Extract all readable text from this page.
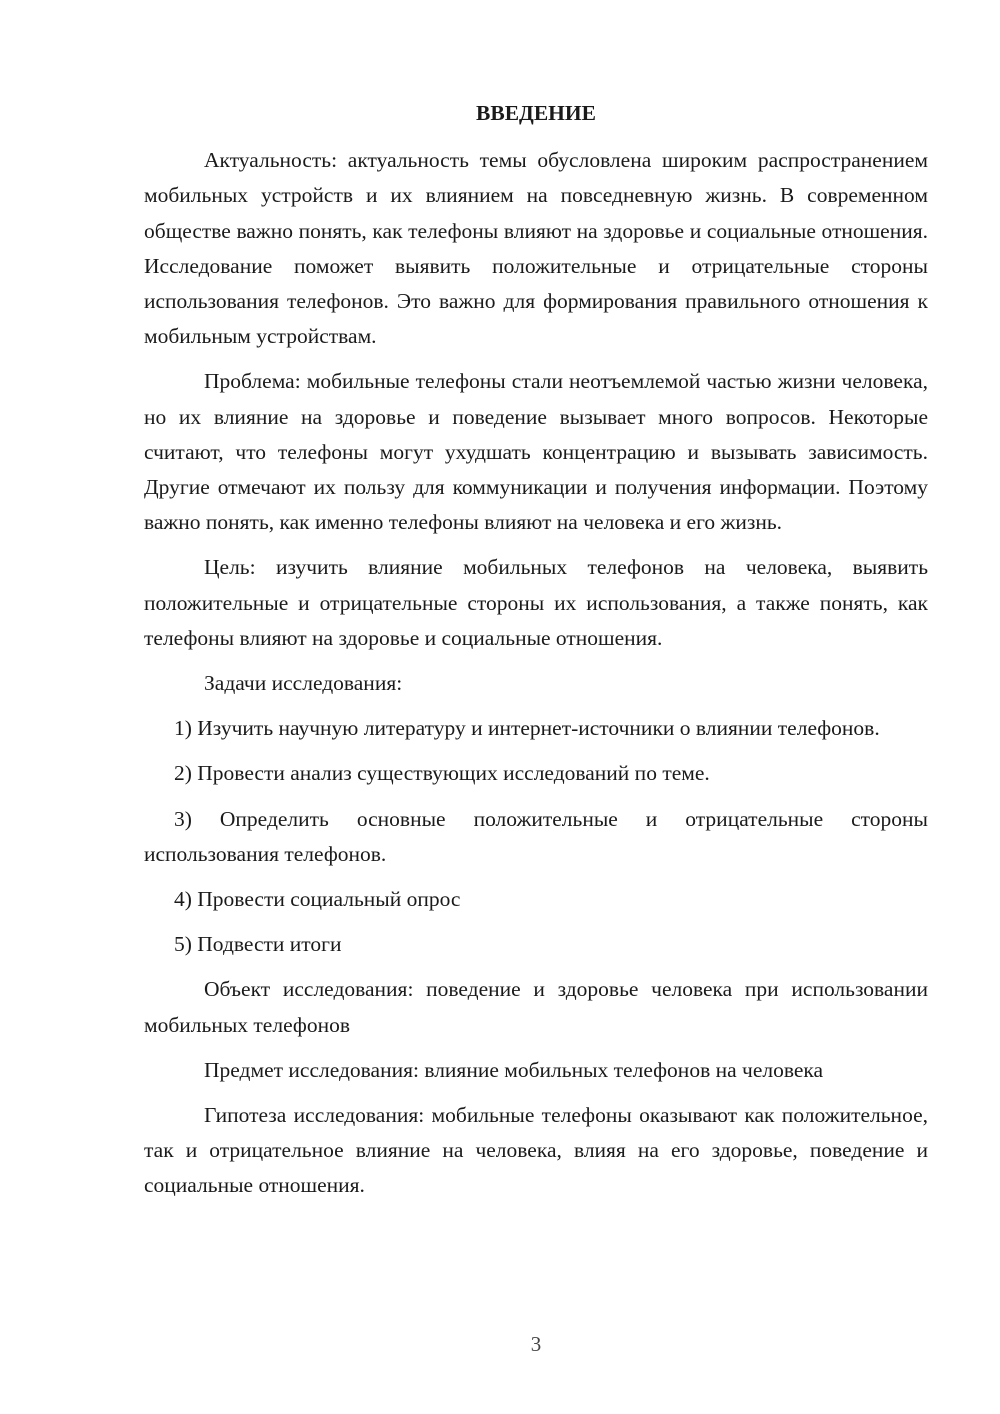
ВВЕДЕНИЕ

Актуальность: актуальность темы обусловлена широким распространением мобильных устройств и их влиянием на повседневную жизнь. В современном обществе важно понять, как телефоны влияют на здоровье и социальные отношения. Исследование поможет выявить положительные и отрицательные стороны использования телефонов. Это важно для формирования правильного отношения к мобильным устройствам.

Проблема: мобильные телефоны стали неотъемлемой частью жизни человека, но их влияние на здоровье и поведение вызывает много вопросов. Некоторые считают, что телефоны могут ухудшать концентрацию и вызывать зависимость. Другие отмечают их пользу для коммуникации и получения информации. Поэтому важно понять, как именно телефоны влияют на человека и его жизнь.

Цель: изучить влияние мобильных телефонов на человека, выявить положительные и отрицательные стороны их использования, а также понять, как телефоны влияют на здоровье и социальные отношения.

Задачи исследования:

1) Изучить научную литературу и интернет-источники о влиянии телефонов.

2) Провести анализ существующих исследований по теме.

3) Определить основные положительные и отрицательные стороны использования телефонов.

4) Провести социальный опрос

5) Подвести итоги

Объект исследования: поведение и здоровье человека при использовании мобильных телефонов

Предмет исследования: влияние мобильных телефонов на человека

Гипотеза исследования: мобильные телефоны оказывают как положительное, так и отрицательное влияние на человека, влияя на его здоровье, поведение и социальные отношения.

3
